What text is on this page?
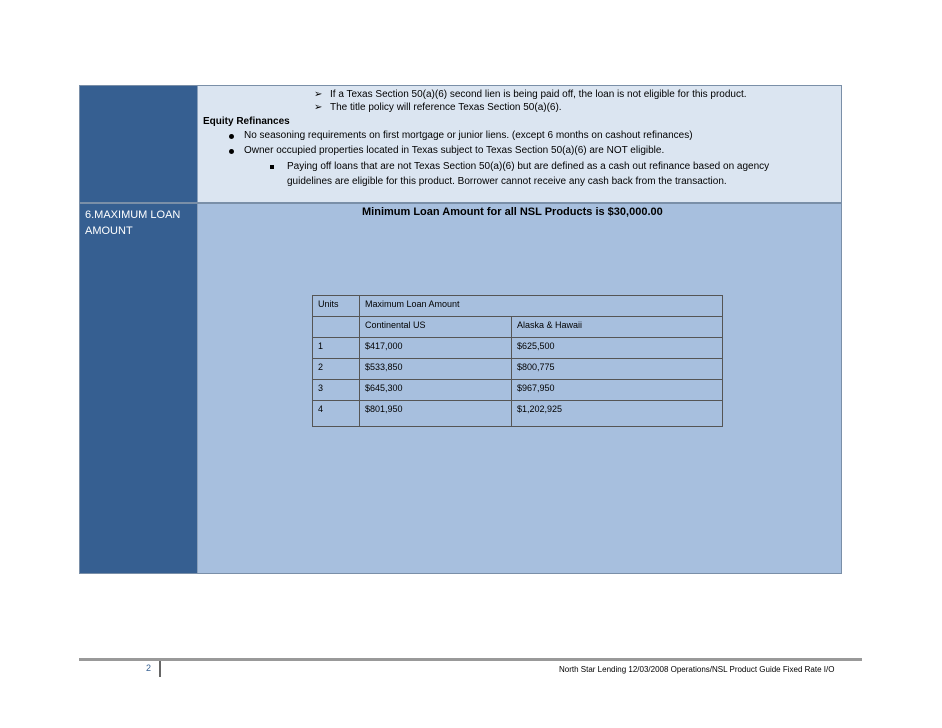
➢ If a Texas Section 50(a)(6) second lien is being paid off, the loan is not eligible for this product.
➢ The title policy will reference Texas Section 50(a)(6).
Equity Refinances
No seasoning requirements on first mortgage or junior liens. (except 6 months on cashout refinances)
Owner occupied properties located in Texas subject to Texas Section 50(a)(6) are NOT eligible.
Paying off loans that are not Texas Section 50(a)(6) but are defined as a cash out refinance based on agency
guidelines are eligible for this product. Borrower cannot receive any cash back from the transaction.
6.MAXIMUM LOAN
AMOUNT
Minimum Loan Amount for all NSL Products is $30,000.00
Units	Maximum Loan Amount	
	Continental US	Alaska & Hawaii
1	$417,000	$625,500
2	$533,850	$800,775
3	$645,300	$967,950
4	$801,950	$1,202,925
2	North Star Lending 12/03/2008 Operations/NSL Product Guide Fixed Rate I/O
